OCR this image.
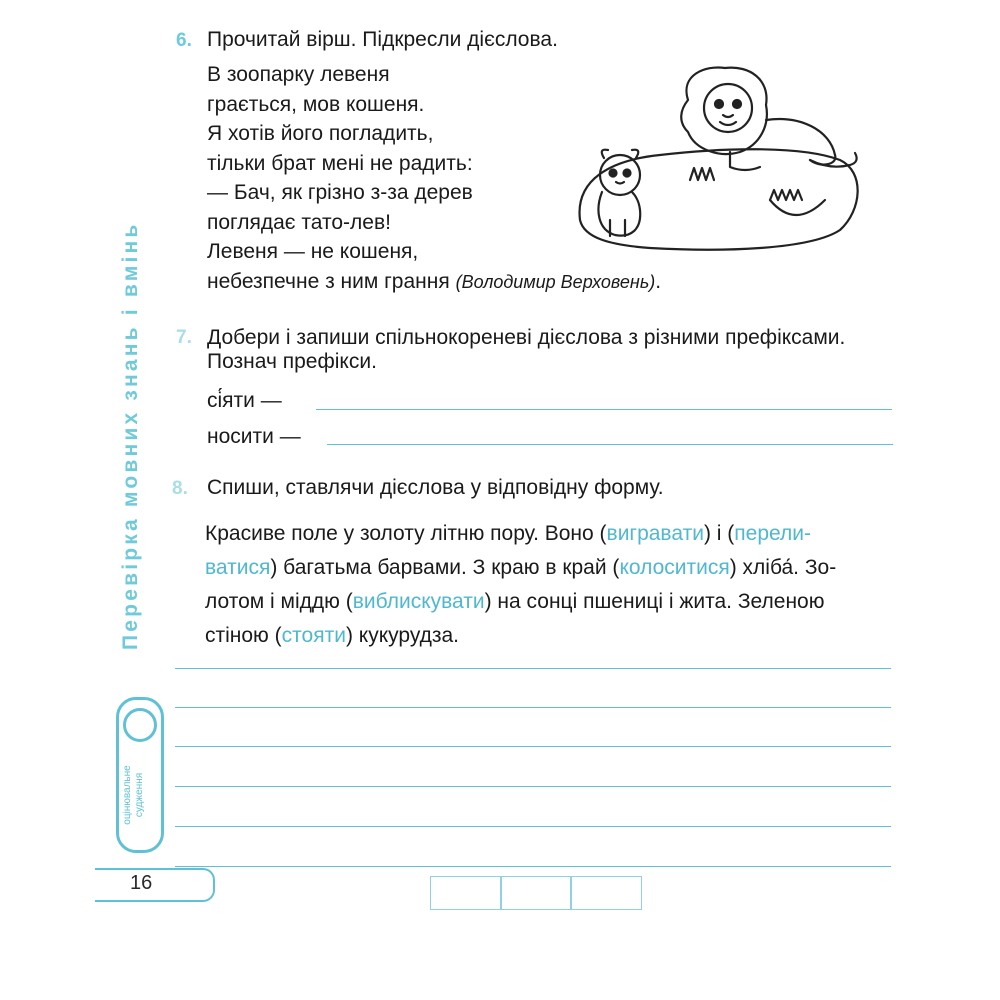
Перевірка мовних знань і вмінь
оцінювальне судження
16
6. Прочитай вірш. Підкресли дієслова.
В зоопарку левеня
грається, мов кошеня.
Я хотів його погладить,
тільки брат мені не радить:
— Бач, як грізно з-за дерев
поглядає тато-лев!
Левеня — не кошеня,
небезпечне з ним грання (Володимир Верховень).
7. Добери і запиши спільнокореневі дієслова з різними префіксами.
Познач префікси.
сі́яти —
носити —
8. Спиши, ставлячи дієслова у відповідну форму.
Красиве поле у золоту літню пору. Воно (вигравати) і (перели-
ватися) багатьма барвами. З краю в край (колоситися) хліба́. Зо-
лотом і міддю (виблискувати) на сонці пшениці і жита. Зеленою
стіною (стояти) кукурудза.
